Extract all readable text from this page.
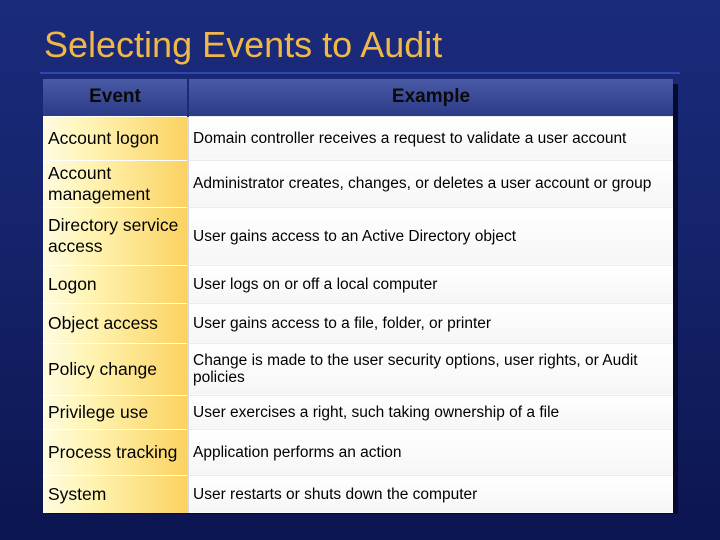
Selecting Events to Audit
Event	Example
Account logon	Domain controller receives a request to validate a user account
Account management	Administrator creates, changes, or deletes a user account or group
Directory service access	User gains access to an Active Directory object
Logon	User logs on or off a local computer
Object access	User gains access to a file, folder, or printer
Policy change	Change is made to the user security options, user rights, or Audit policies
Privilege use	User exercises a right, such taking ownership of a file
Process tracking	Application performs an action
System	User restarts or shuts down the computer
